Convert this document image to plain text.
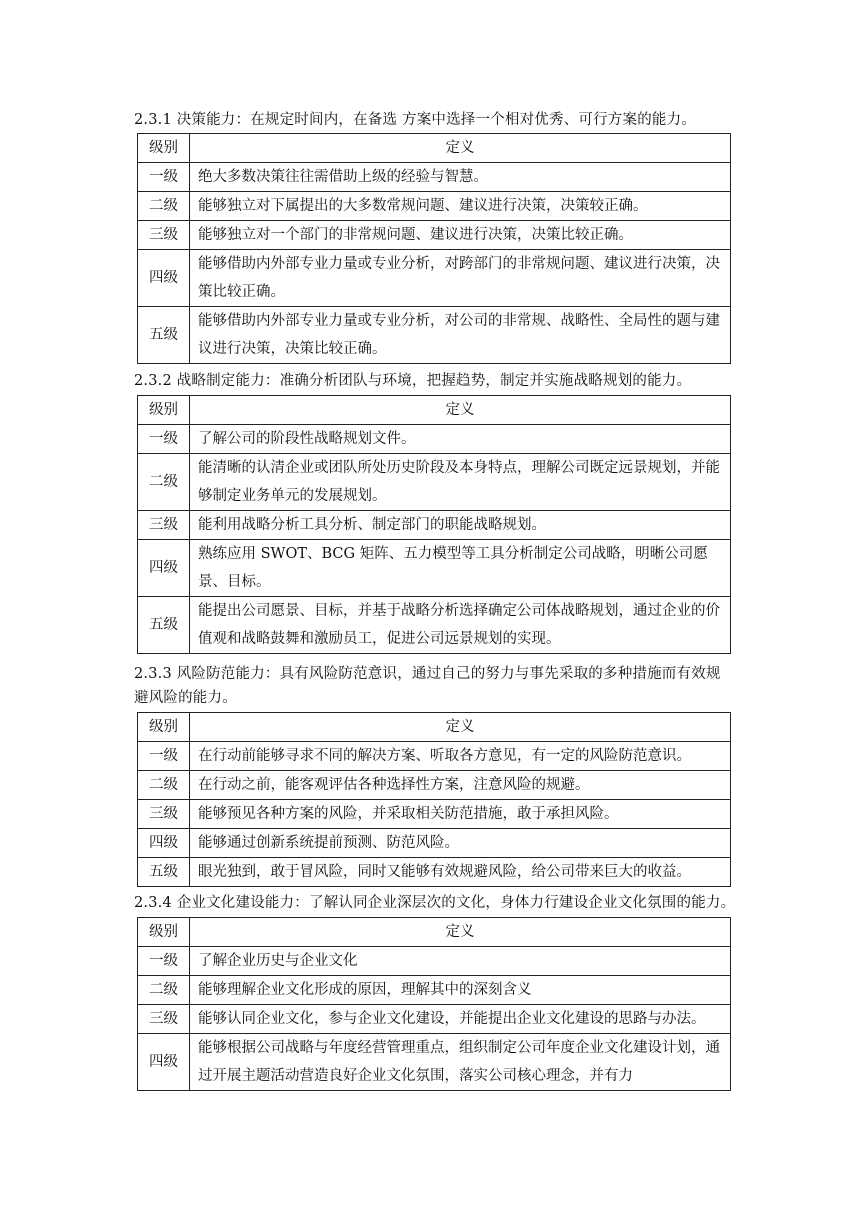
2.3.1 决策能力：在规定时间内，在备选 方案中选择一个相对优秀、可行方案的能力。
级别	定义
一级	绝大多数决策往往需借助上级的经验与智慧。
二级	能够独立对下属提出的大多数常规问题、建议进行决策，决策较正确。
三级	能够独立对一个部门的非常规问题、建议进行决策，决策比较正确。
四级	能够借助内外部专业力量或专业分析，对跨部门的非常规问题、建议进行决策，决策比较正确。
五级	能够借助内外部专业力量或专业分析，对公司的非常规、战略性、全局性的题与建议进行决策，决策比较正确。
2.3.2 战略制定能力：准确分析团队与环境，把握趋势，制定并实施战略规划的能力。
级别	定义
一级	了解公司的阶段性战略规划文件。
二级	能清晰的认清企业或团队所处历史阶段及本身特点，理解公司既定远景规划，并能够制定业务单元的发展规划。
三级	能利用战略分析工具分析、制定部门的职能战略规划。
四级	熟练应用 SWOT、BCG 矩阵、五力模型等工具分析制定公司战略，明晰公司愿景、目标。
五级	能提出公司愿景、目标，并基于战略分析选择确定公司体战略规划，通过企业的价值观和战略鼓舞和激励员工，促进公司远景规划的实现。
2.3.3 风险防范能力：具有风险防范意识，通过自己的努力与事先采取的多种措施而有效规避风险的能力。
级别	定义
一级	在行动前能够寻求不同的解决方案、听取各方意见，有一定的风险防范意识。
二级	在行动之前，能客观评估各种选择性方案，注意风险的规避。
三级	能够预见各种方案的风险，并采取相关防范措施，敢于承担风险。
四级	能够通过创新系统提前预测、防范风险。
五级	眼光独到，敢于冒风险，同时又能够有效规避风险，给公司带来巨大的收益。
2.3.4 企业文化建设能力：了解认同企业深层次的文化，身体力行建设企业文化氛围的能力。
级别	定义
一级	了解企业历史与企业文化
二级	能够理解企业文化形成的原因，理解其中的深刻含义
三级	能够认同企业文化，参与企业文化建设，并能提出企业文化建设的思路与办法。
四级	能够根据公司战略与年度经营管理重点，组织制定公司年度企业文化建设计划，通过开展主题活动营造良好企业文化氛围，落实公司核心理念，并有力
